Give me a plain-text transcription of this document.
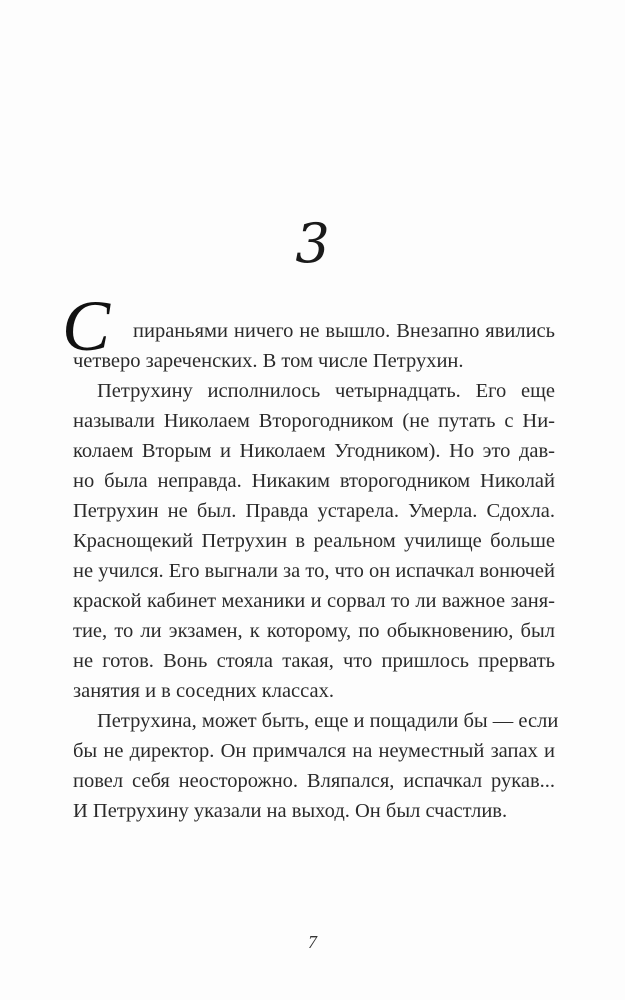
3
С пираньями ничего не вышло. Внезапно явились
четверо зареченских. В том числе Петрухин.
Петрухину исполнилось четырнадцать. Его еще
называли Николаем Второгодником (не путать с Ни-
колаем Вторым и Николаем Угодником). Но это дав-
но была неправда. Никаким второгодником Николай
Петрухин не был. Правда устарела. Умерла. Сдохла.
Краснощекий Петрухин в реальном училище больше
не учился. Его выгнали за то, что он испачкал вонючей
краской кабинет механики и сорвал то ли важное заня-
тие, то ли экзамен, к которому, по обыкновению, был
не готов. Вонь стояла такая, что пришлось прервать
занятия и в соседних классах.
Петрухина, может быть, еще и пощадили бы — если
бы не директор. Он примчался на неуместный запах и
повел себя неосторожно. Вляпался, испачкал рукав...
И Петрухину указали на выход. Он был счастлив.
7
